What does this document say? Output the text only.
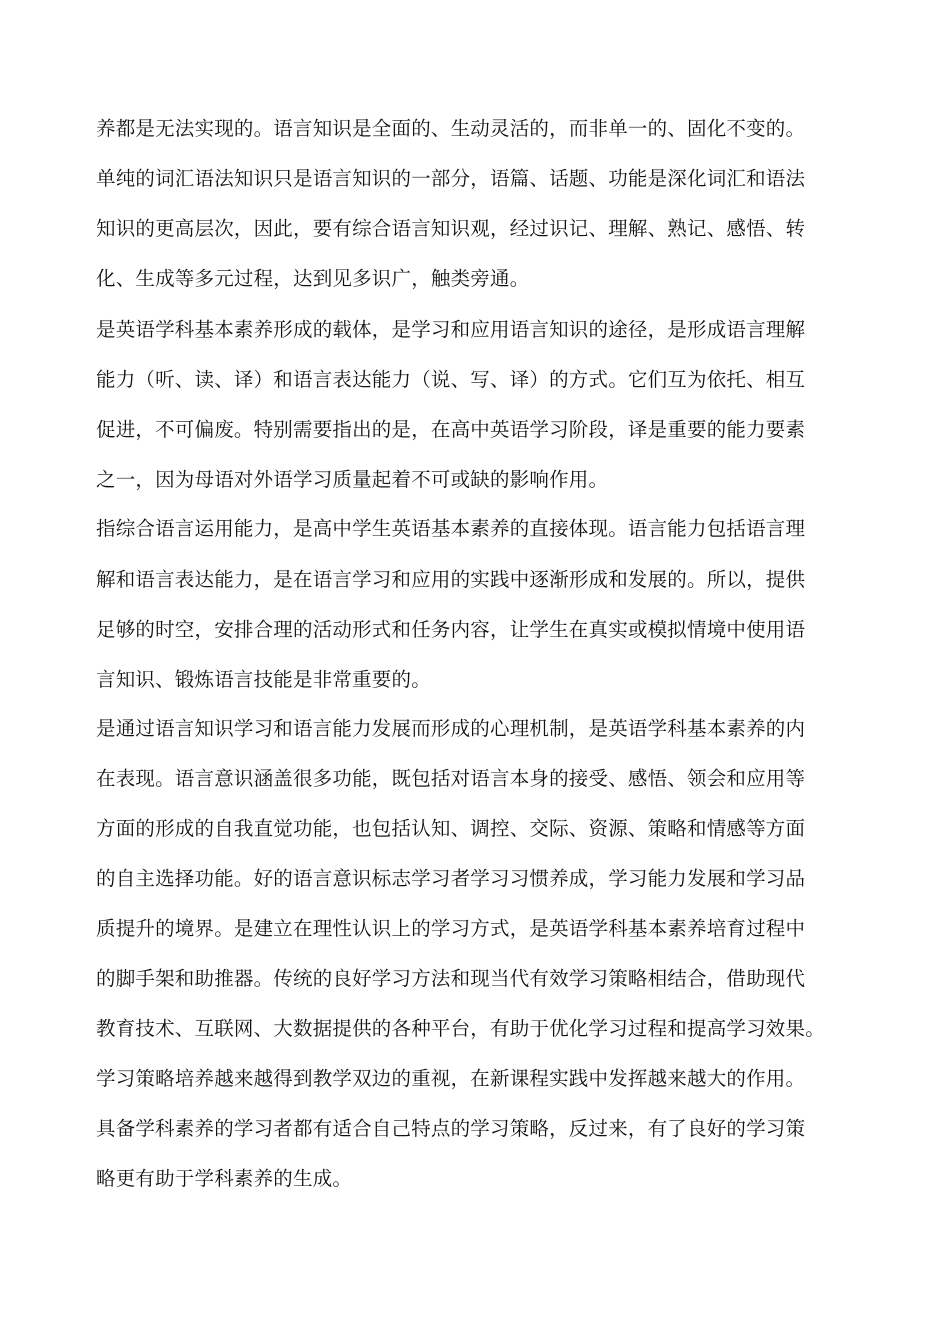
养都是无法实现的。语言知识是全面的、生动灵活的，而非单一的、固化不变的。
单纯的词汇语法知识只是语言知识的一部分，语篇、话题、功能是深化词汇和语法
知识的更高层次，因此，要有综合语言知识观，经过识记、理解、熟记、感悟、转
化、生成等多元过程，达到见多识广，触类旁通。
是英语学科基本素养形成的载体，是学习和应用语言知识的途径，是形成语言理解
能力（听、读、译）和语言表达能力（说、写、译）的方式。它们互为依托、相互
促进，不可偏废。特别需要指出的是，在高中英语学习阶段，译是重要的能力要素
之一，因为母语对外语学习质量起着不可或缺的影响作用。
指综合语言运用能力，是高中学生英语基本素养的直接体现。语言能力包括语言理
解和语言表达能力，是在语言学习和应用的实践中逐渐形成和发展的。所以，提供
足够的时空，安排合理的活动形式和任务内容，让学生在真实或模拟情境中使用语
言知识、锻炼语言技能是非常重要的。
是通过语言知识学习和语言能力发展而形成的心理机制，是英语学科基本素养的内
在表现。语言意识涵盖很多功能，既包括对语言本身的接受、感悟、领会和应用等
方面的形成的自我直觉功能，也包括认知、调控、交际、资源、策略和情感等方面
的自主选择功能。好的语言意识标志学习者学习习惯养成，学习能力发展和学习品
质提升的境界。是建立在理性认识上的学习方式，是英语学科基本素养培育过程中
的脚手架和助推器。传统的良好学习方法和现当代有效学习策略相结合，借助现代
教育技术、互联网、大数据提供的各种平台，有助于优化学习过程和提高学习效果。
学习策略培养越来越得到教学双边的重视，在新课程实践中发挥越来越大的作用。
具备学科素养的学习者都有适合自己特点的学习策略，反过来，有了良好的学习策
略更有助于学科素养的生成。
